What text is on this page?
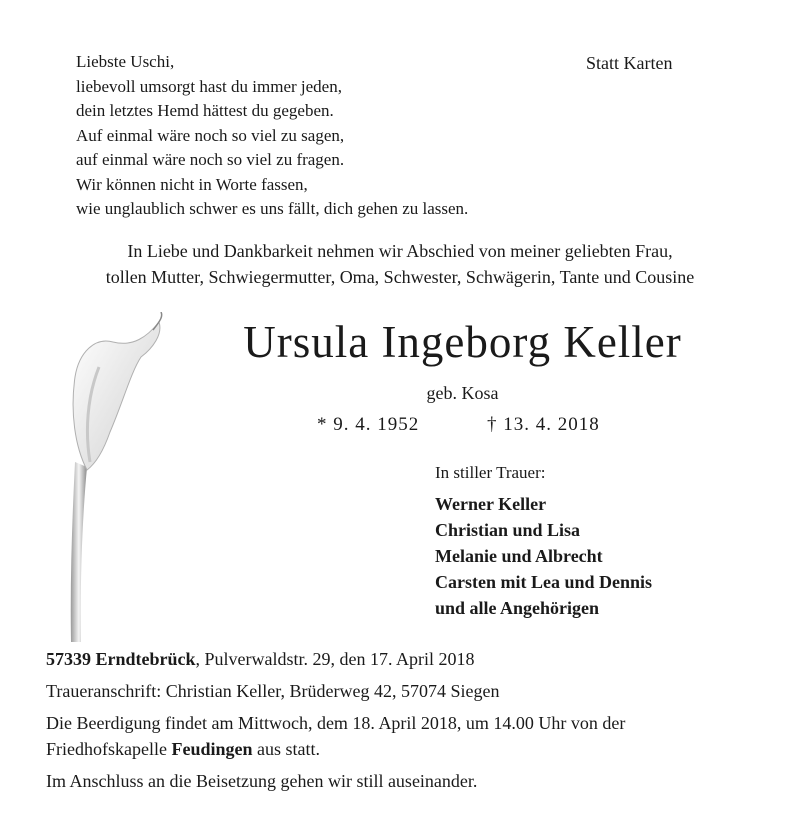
Liebste Uschi,
liebevoll umsorgt hast du immer jeden,
dein letztes Hemd hättest du gegeben.
Auf einmal wäre noch so viel zu sagen,
auf einmal wäre noch so viel zu fragen.
Wir können nicht in Worte fassen,
wie unglaublich schwer es uns fällt, dich gehen zu lassen.
Statt Karten
In Liebe und Dankbarkeit nehmen wir Abschied von meiner geliebten Frau,
tollen Mutter, Schwiegermutter, Oma, Schwester, Schwägerin, Tante und Cousine
Ursula Ingeborg Keller
geb. Kosa
* 9. 4. 1952	† 13. 4. 2018
In stiller Trauer:
Werner Keller
Christian und Lisa
Melanie und Albrecht
Carsten mit Lea und Dennis
und alle Angehörigen
57339 Erndtebrück, Pulverwaldstr. 29, den 17. April 2018
Traueranschrift: Christian Keller, Brüderweg 42, 57074 Siegen
Die Beerdigung findet am Mittwoch, dem 18. April 2018, um 14.00 Uhr von der
Friedhofskapelle Feudingen aus statt.
Im Anschluss an die Beisetzung gehen wir still auseinander.
